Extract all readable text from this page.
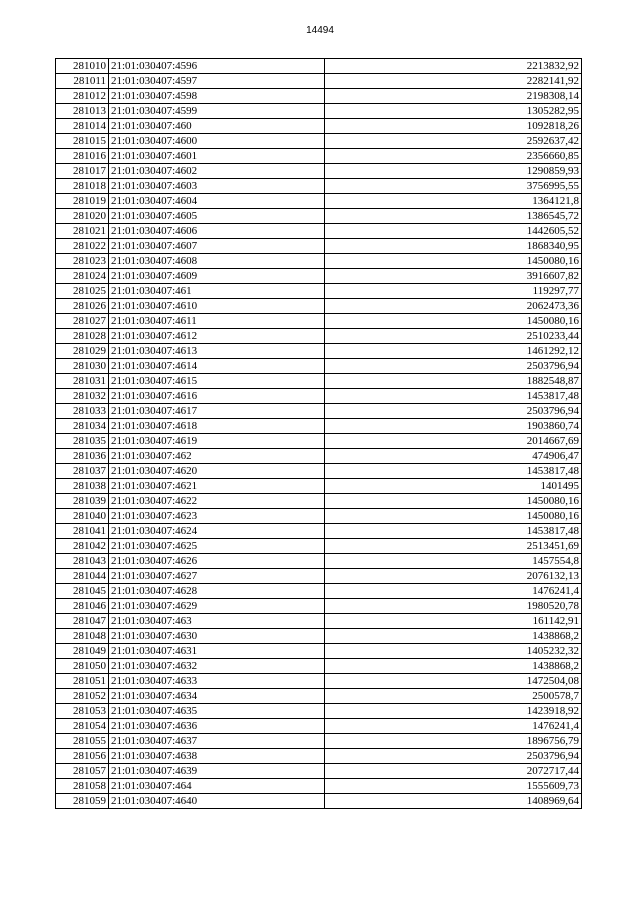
14494
281010	21:01:030407:4596	2213832,92
281011	21:01:030407:4597	2282141,92
281012	21:01:030407:4598	2198308,14
281013	21:01:030407:4599	1305282,95
281014	21:01:030407:460	1092818,26
281015	21:01:030407:4600	2592637,42
281016	21:01:030407:4601	2356660,85
281017	21:01:030407:4602	1290859,93
281018	21:01:030407:4603	3756995,55
281019	21:01:030407:4604	1364121,8
281020	21:01:030407:4605	1386545,72
281021	21:01:030407:4606	1442605,52
281022	21:01:030407:4607	1868340,95
281023	21:01:030407:4608	1450080,16
281024	21:01:030407:4609	3916607,82
281025	21:01:030407:461	119297,77
281026	21:01:030407:4610	2062473,36
281027	21:01:030407:4611	1450080,16
281028	21:01:030407:4612	2510233,44
281029	21:01:030407:4613	1461292,12
281030	21:01:030407:4614	2503796,94
281031	21:01:030407:4615	1882548,87
281032	21:01:030407:4616	1453817,48
281033	21:01:030407:4617	2503796,94
281034	21:01:030407:4618	1903860,74
281035	21:01:030407:4619	2014667,69
281036	21:01:030407:462	474906,47
281037	21:01:030407:4620	1453817,48
281038	21:01:030407:4621	1401495
281039	21:01:030407:4622	1450080,16
281040	21:01:030407:4623	1450080,16
281041	21:01:030407:4624	1453817,48
281042	21:01:030407:4625	2513451,69
281043	21:01:030407:4626	1457554,8
281044	21:01:030407:4627	2076132,13
281045	21:01:030407:4628	1476241,4
281046	21:01:030407:4629	1980520,78
281047	21:01:030407:463	161142,91
281048	21:01:030407:4630	1438868,2
281049	21:01:030407:4631	1405232,32
281050	21:01:030407:4632	1438868,2
281051	21:01:030407:4633	1472504,08
281052	21:01:030407:4634	2500578,7
281053	21:01:030407:4635	1423918,92
281054	21:01:030407:4636	1476241,4
281055	21:01:030407:4637	1896756,79
281056	21:01:030407:4638	2503796,94
281057	21:01:030407:4639	2072717,44
281058	21:01:030407:464	1555609,73
281059	21:01:030407:4640	1408969,64
